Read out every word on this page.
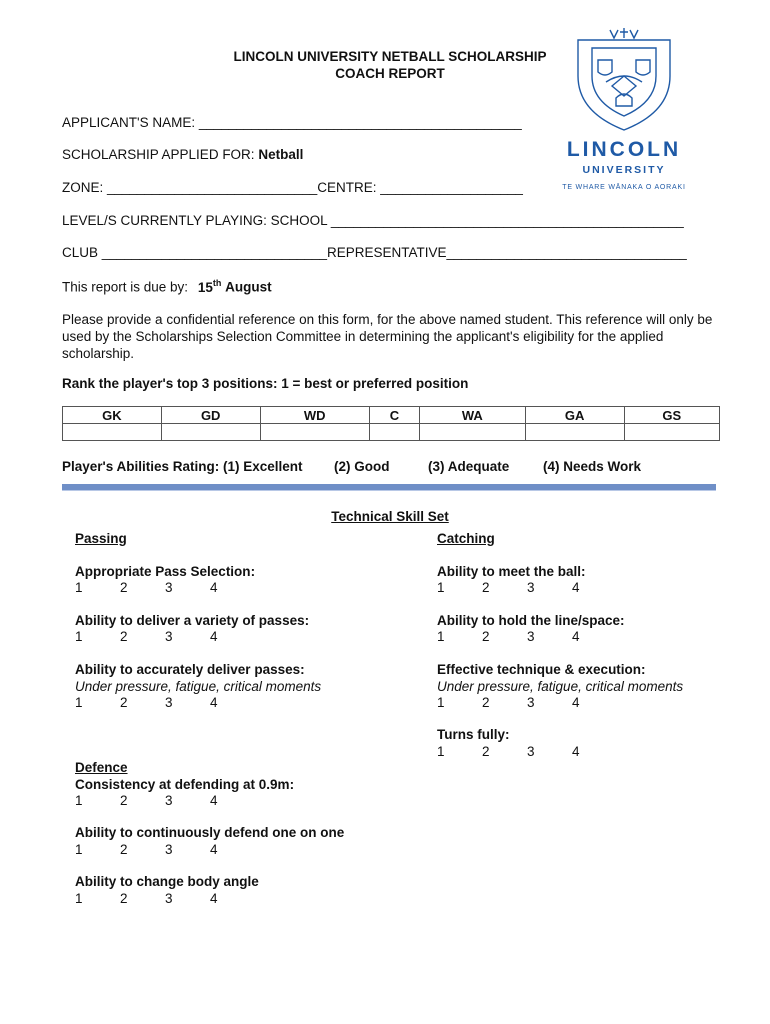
LINCOLN UNIVERSITY NETBALL SCHOLARSHIP
COACH REPORT
LINCOLN
UNIVERSITY
TE WHARE WĀNAKA O AORAKI
APPLICANT'S NAME: ___________________________________________
SCHOLARSHIP APPLIED FOR: Netball
ZONE: ____________________________CENTRE: ___________________
LEVEL/S CURRENTLY PLAYING: SCHOOL _______________________________________________
CLUB ______________________________REPRESENTATIVE________________________________
This report is due by: 15th August
Please provide a confidential reference on this form, for the above named student. This reference will only be used by the Scholarships Selection Committee in determining the applicant's eligibility for the applied scholarship.
Rank the player's top 3 positions: 1 = best or preferred position
GK	GD	WD	C	WA	GA	GS

Player's Abilities Rating: (1) Excellent (2) Good	(3) Adequate (4) Needs Work
Technical Skill Set
Passing
Appropriate Pass Selection:
1	2	3	4
Ability to deliver a variety of passes:
1	2	3	4
Ability to accurately deliver passes:
Under pressure, fatigue, critical moments
1	2	3	4
Catching
Ability to meet the ball:
1	2	3	4
Ability to hold the line/space:
1	2	3	4
Effective technique & execution:
Under pressure, fatigue, critical moments
1	2	3	4
Turns fully:
1	2	3	4
Defence
Consistency at defending at 0.9m:
1	2	3	4
Ability to continuously defend one on one
1	2	3	4
Ability to change body angle
1	2	3	4
